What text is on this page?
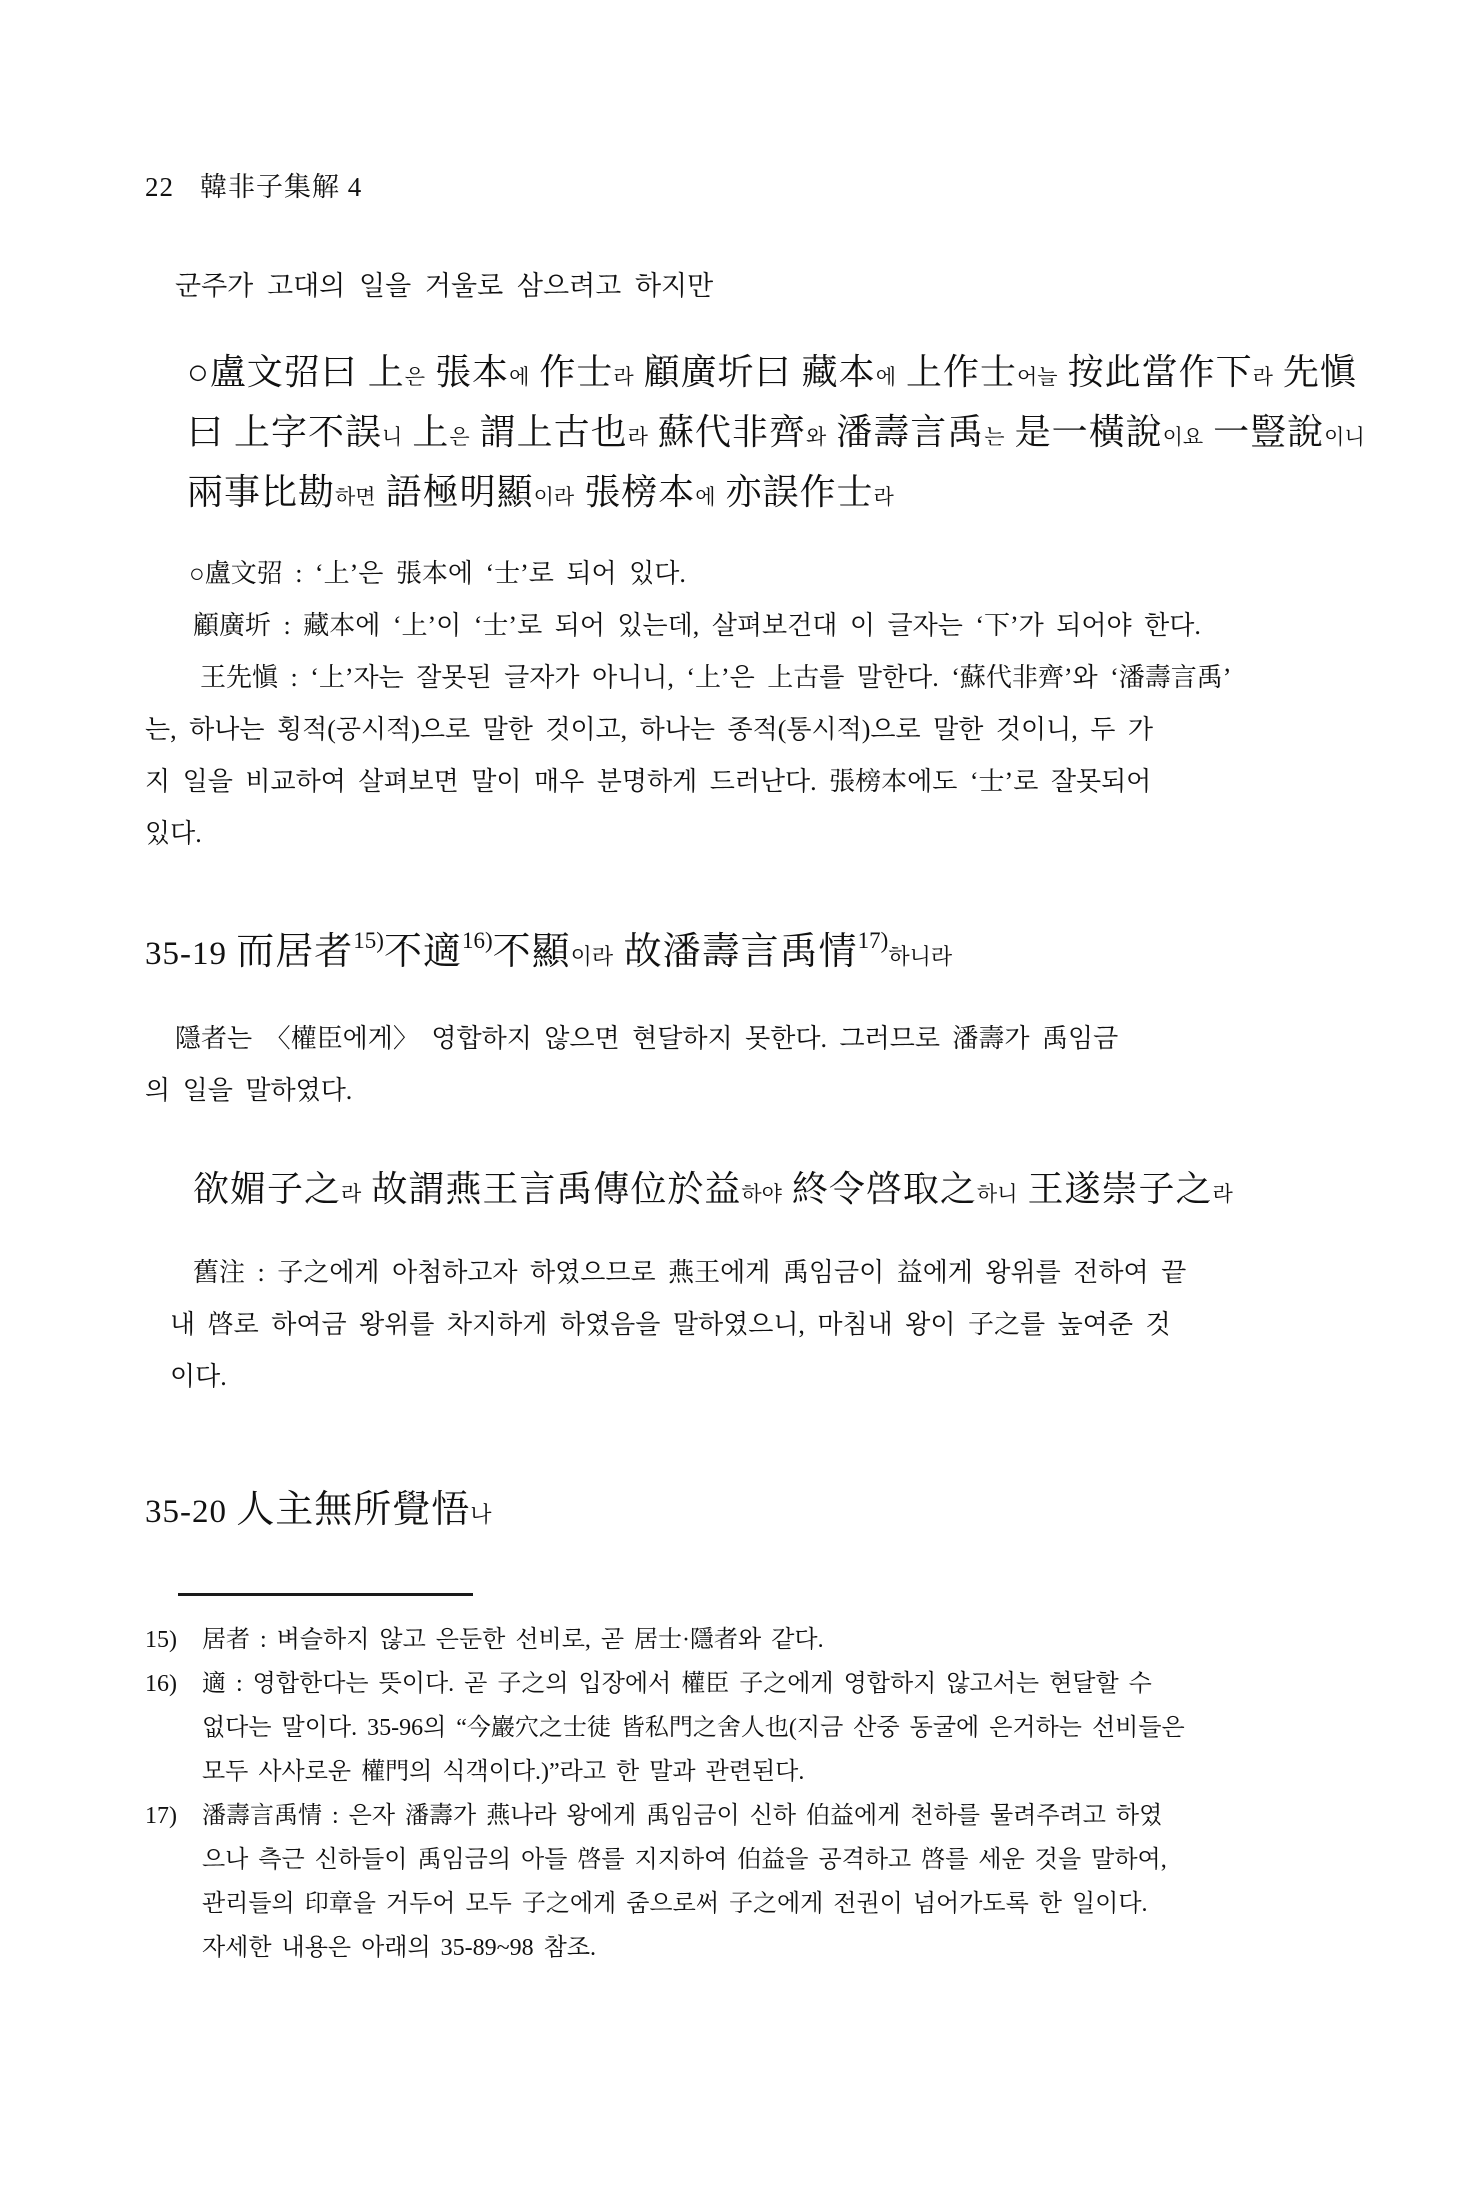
22 韓非子集解 4
군주가 고대의 일을 거울로 삼으려고 하지만
○盧文弨曰 上은 張本에 作士라 顧廣圻曰 藏本에 上作士어늘 按此當作下라 先愼
曰 上字不誤니 上은 謂上古也라 蘇代非齊와 潘壽言禹는 是一橫說이요 一豎說이니
兩事比勘하면 語極明顯이라 張榜本에 亦誤作士라
○盧文弨 : ‘上’은 張本에 ‘士’로 되어 있다.
顧廣圻 : 藏本에 ‘上’이 ‘士’로 되어 있는데, 살펴보건대 이 글자는 ‘下’가 되어야 한다.
王先愼 : ‘上’자는 잘못된 글자가 아니니, ‘上’은 上古를 말한다. ‘蘇代非齊’와 ‘潘壽言禹’
는, 하나는 횡적(공시적)으로 말한 것이고, 하나는 종적(통시적)으로 말한 것이니, 두 가
지 일을 비교하여 살펴보면 말이 매우 분명하게 드러난다. 張榜本에도 ‘士’로 잘못되어
있다.
35-19 而居者15)不適16)不顯이라 故潘壽言禹情17)하니라
隱者는 〈權臣에게〉 영합하지 않으면 현달하지 못한다. 그러므로 潘壽가 禹임금
의 일을 말하였다.
欲媚子之라 故謂燕王言禹傳位於益하야 終令啓取之하니 王遂崇子之라
舊注 : 子之에게 아첨하고자 하였으므로 燕王에게 禹임금이 益에게 왕위를 전하여 끝
내 啓로 하여금 왕위를 차지하게 하였음을 말하였으니, 마침내 왕이 子之를 높여준 것
이다.
35-20 人主無所覺悟나
15) 居者 : 벼슬하지 않고 은둔한 선비로, 곧 居士·隱者와 같다.
16) 適 : 영합한다는 뜻이다. 곧 子之의 입장에서 權臣 子之에게 영합하지 않고서는 현달할 수
없다는 말이다. 35-96의 “今巖穴之士徒 皆私門之舍人也(지금 산중 동굴에 은거하는 선비들은
모두 사사로운 權門의 식객이다.)”라고 한 말과 관련된다.
17) 潘壽言禹情 : 은자 潘壽가 燕나라 왕에게 禹임금이 신하 伯益에게 천하를 물려주려고 하였
으나 측근 신하들이 禹임금의 아들 啓를 지지하여 伯益을 공격하고 啓를 세운 것을 말하여,
관리들의 印章을 거두어 모두 子之에게 줌으로써 子之에게 전권이 넘어가도록 한 일이다.
자세한 내용은 아래의 35-89~98 참조.
